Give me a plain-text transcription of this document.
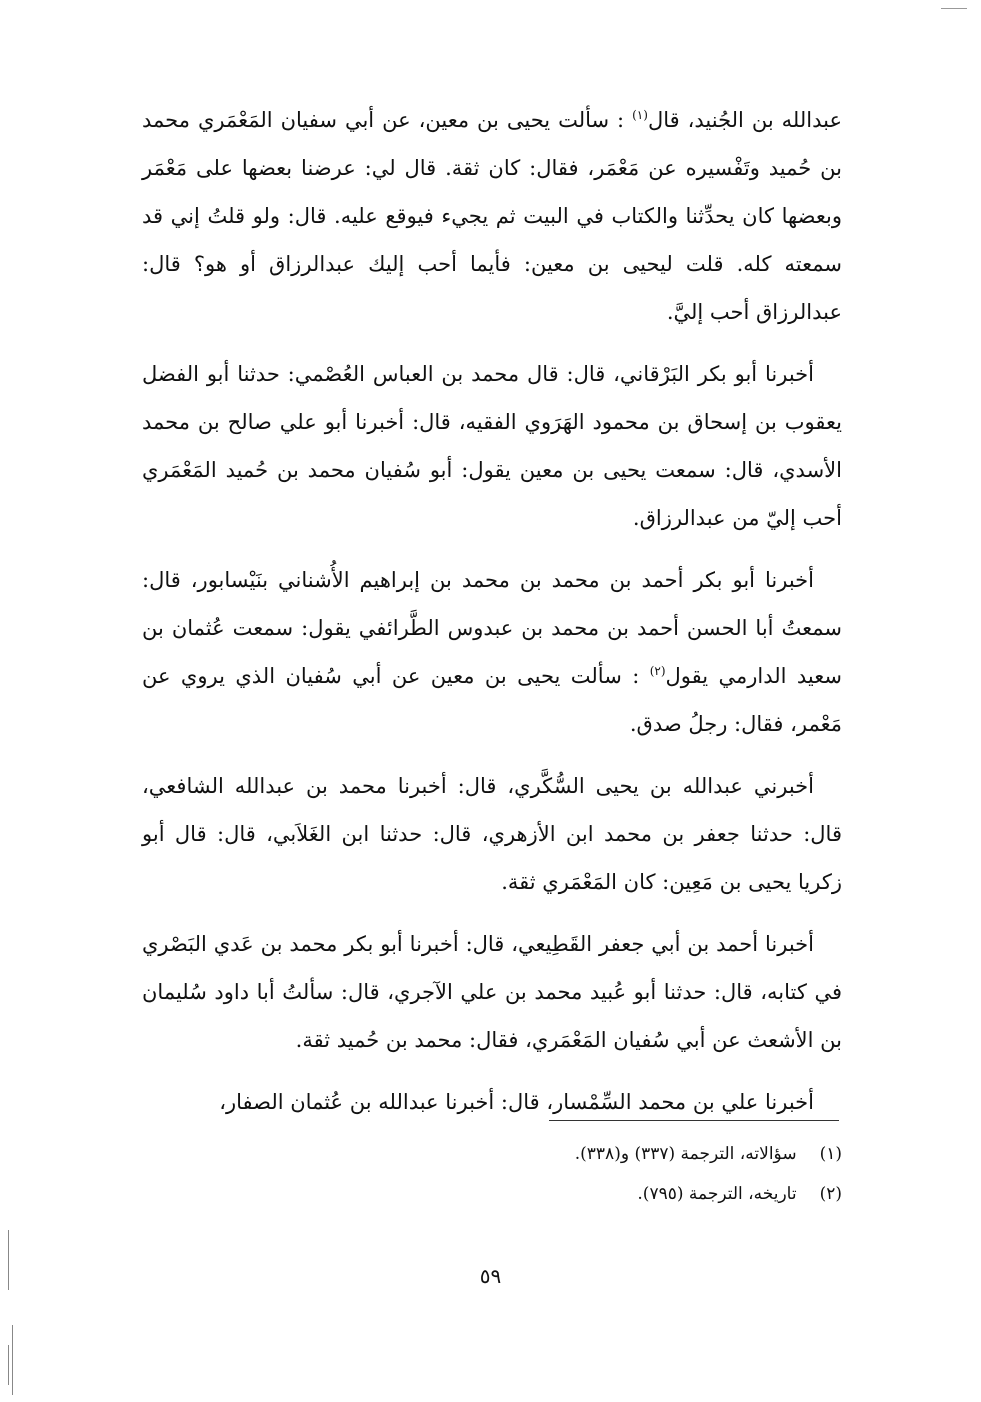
عبدالله بن الجُنيد، قال$^{(١)}$ : سألت يحيى بن معين، عن أبي سفيان المَعْمَري محمد بن حُميد وتَفْسيره عن مَعْمَر، فقال: كان ثقة. قال لي: عرضنا بعضها على مَعْمَر وبعضها كان يحدِّثنا والكتاب في البيت ثم يجيء فيوقع عليه. قال: ولو قلتُ إني قد سمعته كله. قلت ليحيى بن معين: فأيما أحب إليك عبدالرزاق أو هو؟ قال: عبدالرزاق أحب إليَّ.

أخبرنا أبو بكر البَرْقاني، قال: قال محمد بن العباس العُصْمي: حدثنا أبو الفضل يعقوب بن إسحاق بن محمود الهَرَوي الفقيه، قال: أخبرنا أبو علي صالح بن محمد الأسدي، قال: سمعت يحيى بن معين يقول: أبو سُفيان محمد بن حُميد المَعْمَري أحب إليّ من عبدالرزاق.

أخبرنا أبو بكر أحمد بن محمد بن محمد بن إبراهيم الأُشناني بنَيْسابور، قال: سمعتُ أبا الحسن أحمد بن محمد بن عبدوس الطَّرائفي يقول: سمعت عُثمان بن سعيد الدارمي يقول$^{(٢)}$ : سألت يحيى بن معين عن أبي سُفيان الذي يروي عن مَعْمر، فقال: رجلُ صدق.

أخبرني عبدالله بن يحيى السُّكَّري، قال: أخبرنا محمد بن عبدالله الشافعي، قال: حدثنا جعفر بن محمد ابن الأزهري، قال: حدثنا ابن الغَلاَبي، قال: قال أبو زكريا يحيى بن مَعِين: كان المَعْمَري ثقة.

أخبرنا أحمد بن أبي جعفر القَطِيعي، قال: أخبرنا أبو بكر محمد بن عَدي البَصْري في كتابه، قال: حدثنا أبو عُبيد محمد بن علي الآجري، قال: سألتُ أبا داود سُليمان بن الأشعث عن أبي سُفيان المَعْمَري، فقال: محمد بن حُميد ثقة.

أخبرنا علي بن محمد السِّمْسار، قال: أخبرنا عبدالله بن عُثمان الصفار،

(١) سؤالاته، الترجمة (٣٣٧) و(٣٣٨).

(٢) تاريخه، الترجمة (٧٩٥).

٥٩
